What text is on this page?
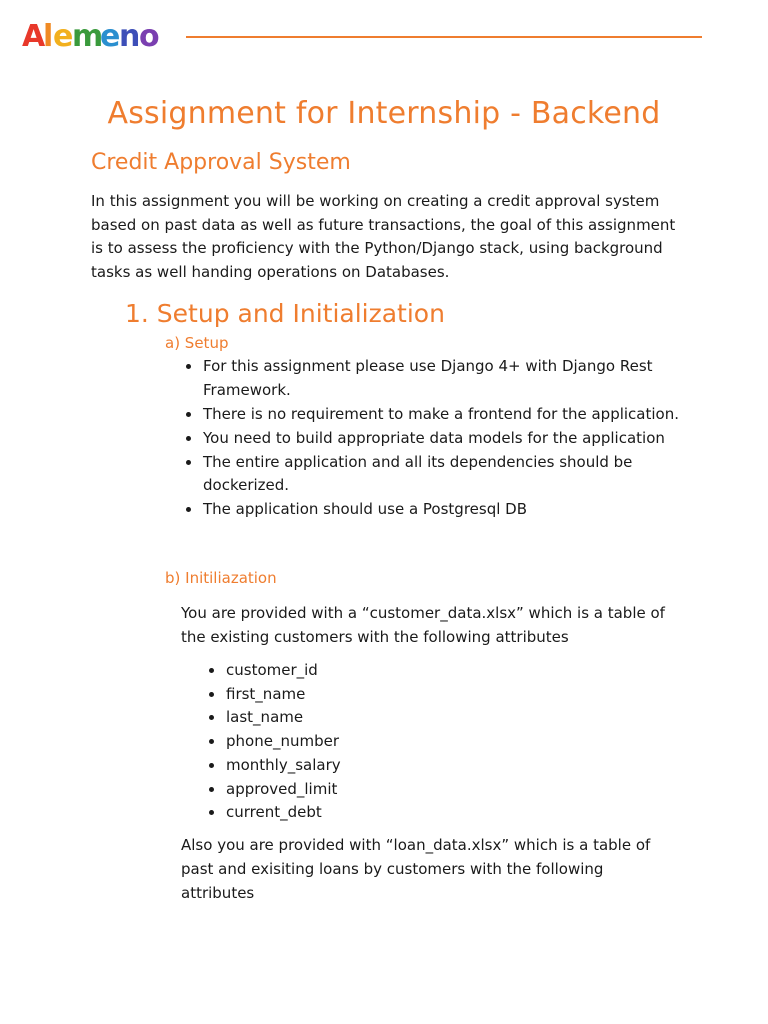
A
l e
m
e
n
o
Assignment for Internship - Backend
Credit Approval System

In this assignment you will be working on creating a credit approval system based on past data as well as future transactions, the goal of this assignment is to assess the proficiency with the Python/Django stack, using background tasks as well handing operations on Databases.

1. Setup and Initialization
a) Setup
For this assignment please use Django 4+ with Django Rest Framework.
There is no requirement to make a frontend for the application.
You need to build appropriate data models for the application
The entire application and all its dependencies should be dockerized.
The application should use a Postgresql DB
b) Initiliazation

You are provided with a “customer_data.xlsx” which is a table of the existing customers with the following attributes

customer_id
first_name
last_name
phone_number
monthly_salary
approved_limit
current_debt

Also you are provided with “loan_data.xlsx” which is a table of past and exisiting loans by customers with the following attributes
